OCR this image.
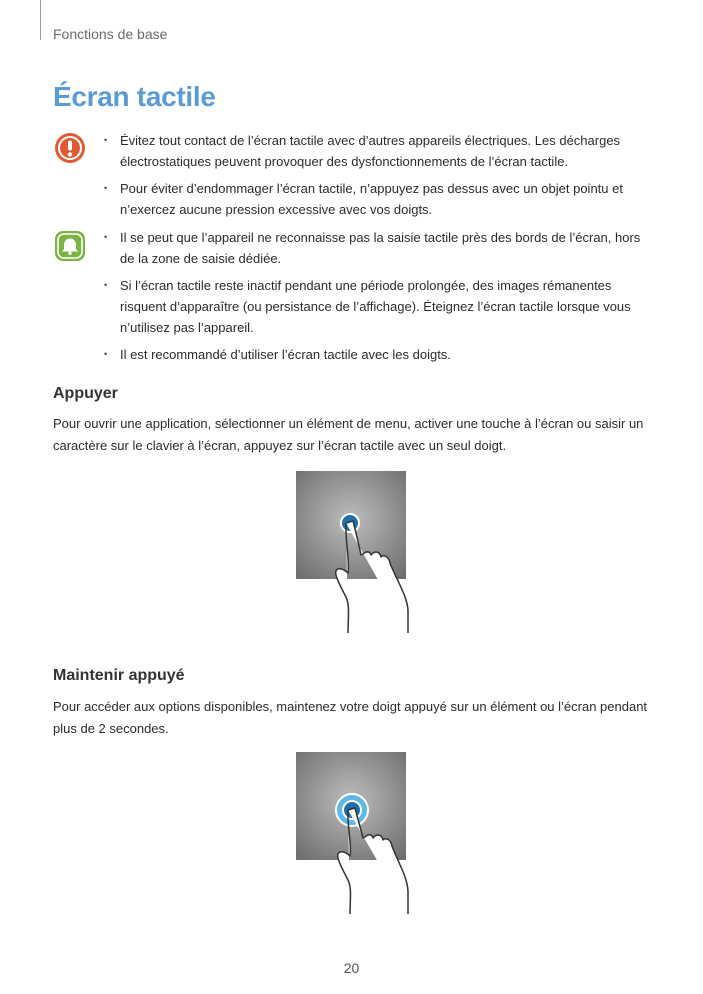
Fonctions de base
Écran tactile
• Évitez tout contact de l’écran tactile avec d’autres appareils électriques. Les décharges électrostatiques peuvent provoquer des dysfonctionnements de l’écran tactile.
• Pour éviter d’endommager l’écran tactile, n’appuyez pas dessus avec un objet pointu et n’exercez aucune pression excessive avec vos doigts.
• Il se peut que l’appareil ne reconnaisse pas la saisie tactile près des bords de l’écran, hors de la zone de saisie dédiée.
• Si l’écran tactile reste inactif pendant une période prolongée, des images rémanentes risquent d’apparaître (ou persistance de l’affichage). Éteignez l’écran tactile lorsque vous n’utilisez pas l’appareil.
• Il est recommandé d’utiliser l’écran tactile avec les doigts.
Appuyer

Pour ouvrir une application, sélectionner un élément de menu, activer une touche à l’écran ou saisir un caractère sur le clavier à l’écran, appuyez sur l’écran tactile avec un seul doigt.

Maintenir appuyé

Pour accéder aux options disponibles, maintenez votre doigt appuyé sur un élément ou l’écran pendant plus de 2 secondes.

20
